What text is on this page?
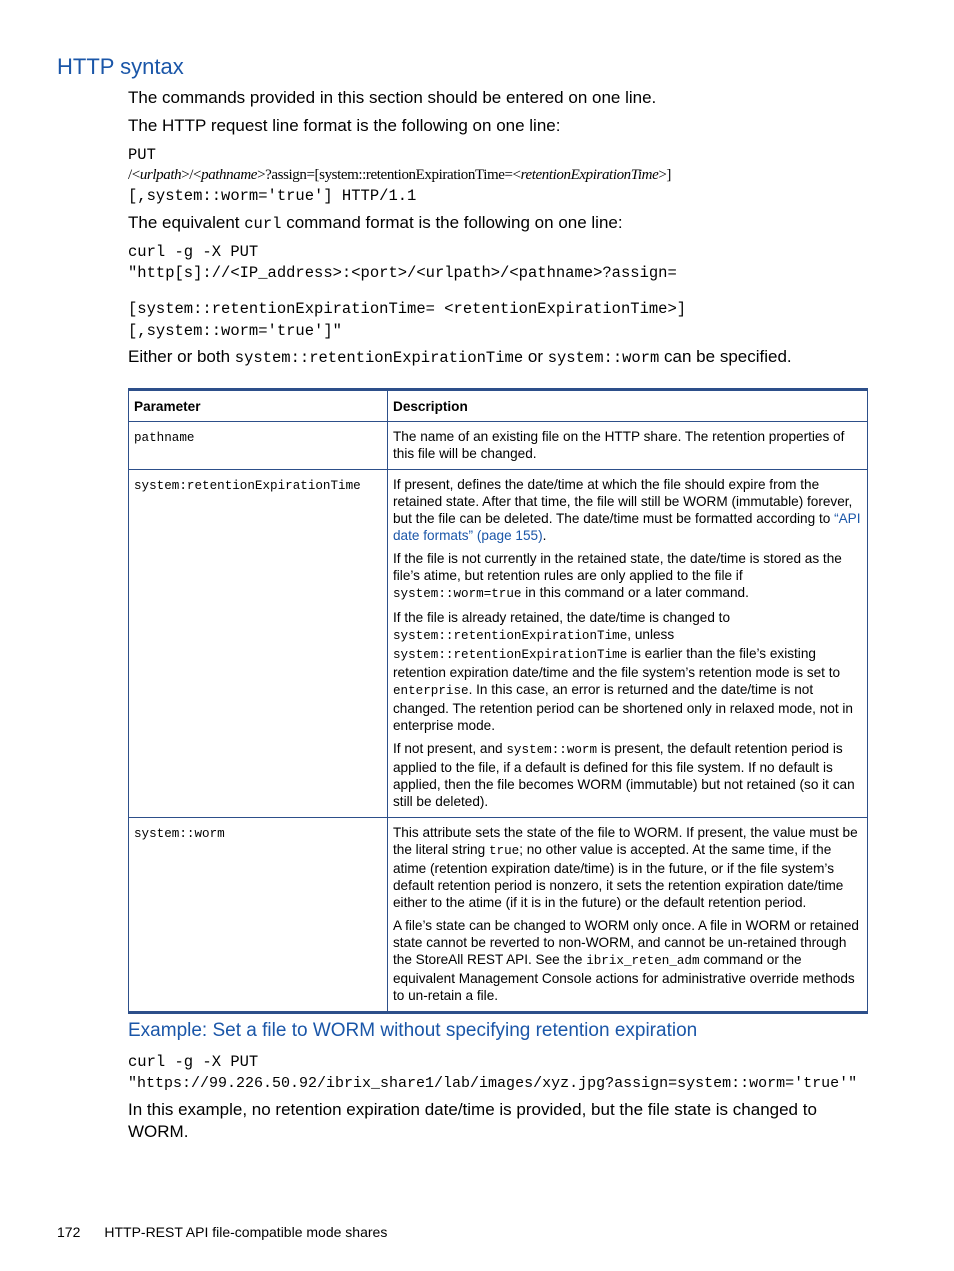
HTTP syntax
The commands provided in this section should be entered on one line.
The HTTP request line format is the following on one line:
PUT
/<urlpath>/<pathname>?assign=[system::retentionExpirationTime=<retentionExpirationTime>]
[,system::worm='true'] HTTP/1.1
The equivalent curl command format is the following on one line:
curl -g -X PUT
"http[s]://<IP_address>:<port>/<urlpath>/<pathname>?assign=
[system::retentionExpirationTime= <retentionExpirationTime>]
[,system::worm='true']"
Either or both system::retentionExpirationTime or system::worm can be specified.
Parameter	Description
pathname	The name of an existing file on the HTTP share. The retention properties of this file will be changed.
system:retentionExpirationTime	If present, defines the date/time at which the file should expire from the retained state. After that time, the file will still be WORM (immutable) forever, but the file can be deleted. The date/time must be formatted according to “API date formats” (page 155).

If the file is not currently in the retained state, the date/time is stored as the file’s atime, but retention rules are only applied to the file if system::worm=true in this command or a later command.

If the file is already retained, the date/time is changed to system::retentionExpirationTime, unless system::retentionExpirationTime is earlier than the file’s existing retention expiration date/time and the file system’s retention mode is set to enterprise. In this case, an error is returned and the date/time is not changed. The retention period can be shortened only in relaxed mode, not in enterprise mode.

If not present, and system::worm is present, the default retention period is applied to the file, if a default is defined for this file system. If no default is applied, then the file becomes WORM (immutable) but not retained (so it can still be deleted).

system::worm	This attribute sets the state of the file to WORM. If present, the value must be the literal string true; no other value is accepted. At the same time, if the atime (retention expiration date/time) is in the future, or if the file system’s default retention period is nonzero, it sets the retention expiration date/time either to the atime (if it is in the future) or the default retention period.

A file’s state can be changed to WORM only once. A file in WORM or retained state cannot be reverted to non-WORM, and cannot be un-retained through the StoreAll REST API. See the ibrix_reten_adm command or the equivalent Management Console actions for administrative override methods to un-retain a file.

Example: Set a file to WORM without specifying retention expiration
curl -g -X PUT
"https://99.226.50.92/ibrix_share1/lab/images/xyz.jpg?assign=system::worm='true'"
In this example, no retention expiration date/time is provided, but the file state is changed to WORM.
172 HTTP-REST API file-compatible mode shares
